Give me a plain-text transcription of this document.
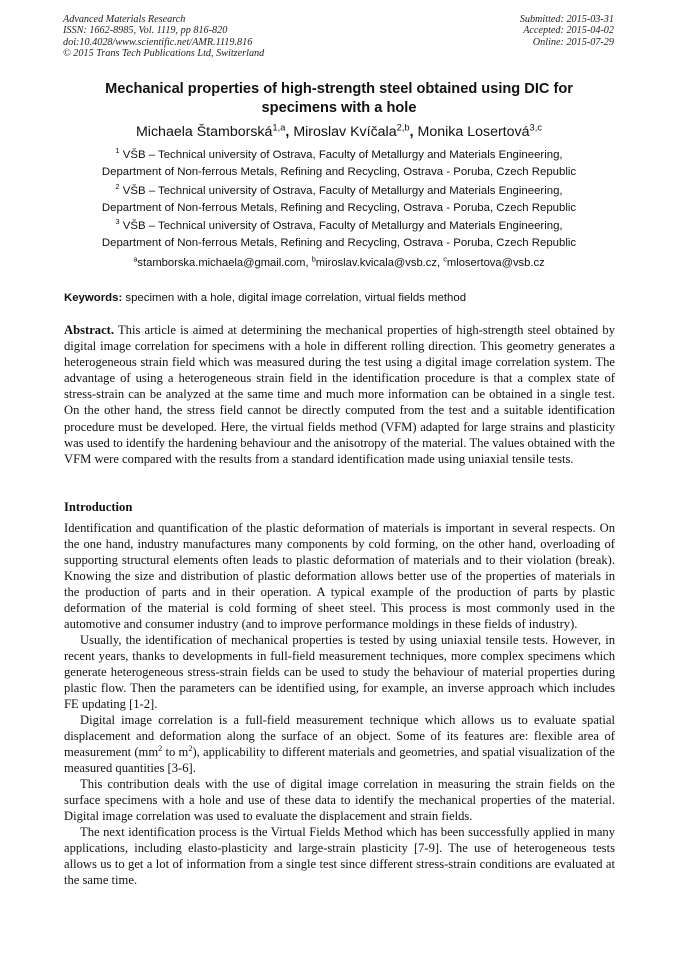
Advanced Materials Research
ISSN: 1662-8985, Vol. 1119, pp 816-820
doi:10.4028/www.scientific.net/AMR.1119.816
© 2015 Trans Tech Publications Ltd, Switzerland
Submitted: 2015-03-31
Accepted: 2015-04-02
Online: 2015-07-29
Mechanical properties of high-strength steel obtained using DIC for
specimens with a hole
Michaela Štamborská$^{1,a}$, Miroslav Kvíčala$^{2,b}$, Monika Losertová$^{3,c}$
$^1$ VŠB – Technical university of Ostrava, Faculty of Metallurgy and Materials Engineering,
Department of Non-ferrous Metals, Refining and Recycling, Ostrava - Poruba, Czech Republic
$^2$ VŠB – Technical university of Ostrava, Faculty of Metallurgy and Materials Engineering,
Department of Non-ferrous Metals, Refining and Recycling, Ostrava - Poruba, Czech Republic
$^3$ VŠB – Technical university of Ostrava, Faculty of Metallurgy and Materials Engineering,
Department of Non-ferrous Metals, Refining and Recycling, Ostrava - Poruba, Czech Republic
$^a$stamborska.michaela@gmail.com, $^b$miroslav.kvicala@vsb.cz, $^c$mlosertova@vsb.cz
Keywords: specimen with a hole, digital image correlation, virtual fields method
Abstract. This article is aimed at determining the mechanical properties of high-strength steel obtained by digital image correlation for specimens with a hole in different rolling direction. This geometry generates a heterogeneous strain field which was measured during the test using a digital image correlation system. The advantage of using a heterogeneous strain field in the identification procedure is that a complex state of stress-strain can be analyzed at the same time and much more information can be obtained in a single test. On the other hand, the stress field cannot be directly computed from the test and a suitable identification procedure must be developed. Here, the virtual fields method (VFM) adapted for large strains and plasticity was used to identify the hardening behaviour and the anisotropy of the material. The values obtained with the VFM were compared with the results from a standard identification made using uniaxial tensile tests.
Introduction

Identification and quantification of the plastic deformation of materials is important in several respects. On the one hand, industry manufactures many components by cold forming, on the other hand, overloading of supporting structural elements often leads to plastic deformation of materials and to their violation (break). Knowing the size and distribution of plastic deformation allows better use of the properties of materials in the production of parts and in their operation. A typical example of the production of parts by plastic deformation of the material is cold forming of sheet steel. This process is most commonly used in the automotive and consumer industry (and to improve performance moldings in these fields of industry).

Usually, the identification of mechanical properties is tested by using uniaxial tensile tests. However, in recent years, thanks to developments in full-field measurement techniques, more complex specimens which generate heterogeneous stress-strain fields can be used to study the behaviour of material properties during plastic flow. Then the parameters can be identified using, for example, an inverse approach which includes FE updating [1-2].

Digital image correlation is a full-field measurement technique which allows us to evaluate spatial displacement and deformation along the surface of an object. Some of its features are: flexible area of measurement ($mm^2$ to $m^2$), applicability to different materials and geometries, and spatial visualization of the measured quantities [3-6].

This contribution deals with the use of digital image correlation in measuring the strain fields on the surface specimens with a hole and use of these data to identify the mechanical properties of the material. Digital image correlation was used to evaluate the displacement and strain fields.

The next identification process is the Virtual Fields Method which has been successfully applied in many applications, including elasto-plasticity and large-strain plasticity [7-9]. The use of heterogeneous tests allows us to get a lot of information from a single test since different stress-strain conditions are evaluated at the same time.
